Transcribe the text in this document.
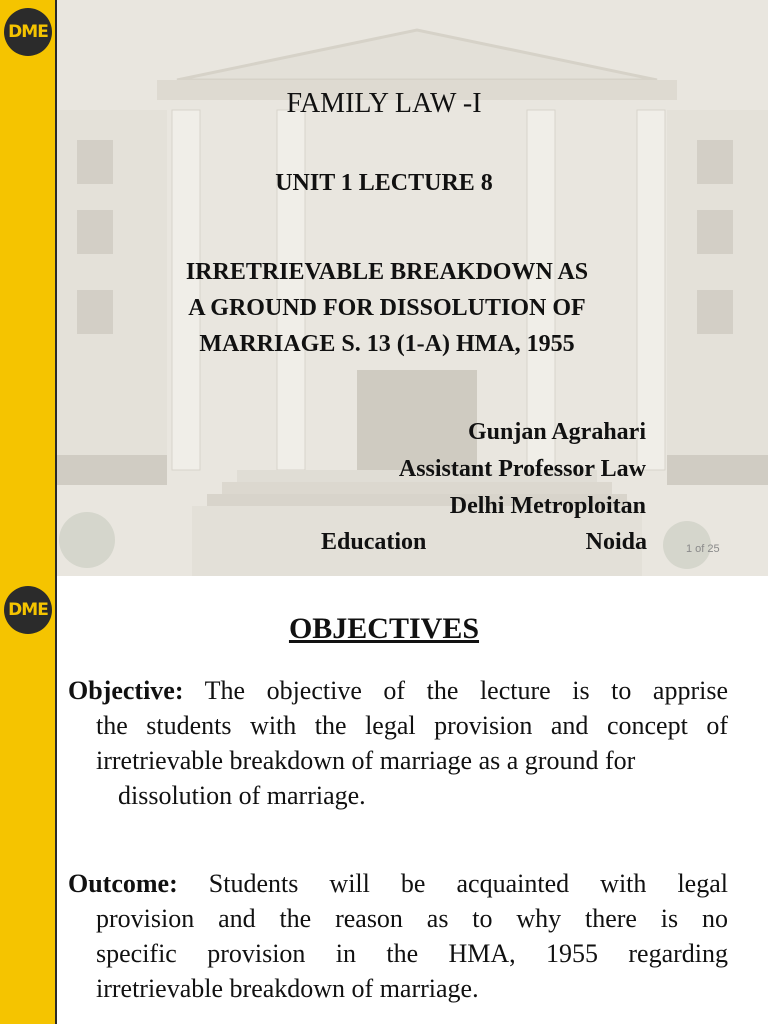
DME
FAMILY LAW -I
UNIT 1 LECTURE 8
IRRETRIEVABLE BREAKDOWN AS
A GROUND FOR DISSOLUTION OF
MARRIAGE S. 13 (1-A) HMA, 1955
Gunjan Agrahari
Assistant Professor Law
Delhi Metroploitan
Education	Noida	1 of 25
DME
OBJECTIVES
Objective: The objective of the lecture is to apprise
the students with the legal provision and concept of
irretrievable breakdown of marriage as a ground for
dissolution of marriage.
Outcome: Students will be acquainted with legal
provision and the reason as to why there is no
specific provision in the HMA, 1955 regarding
irretrievable breakdown of marriage.
